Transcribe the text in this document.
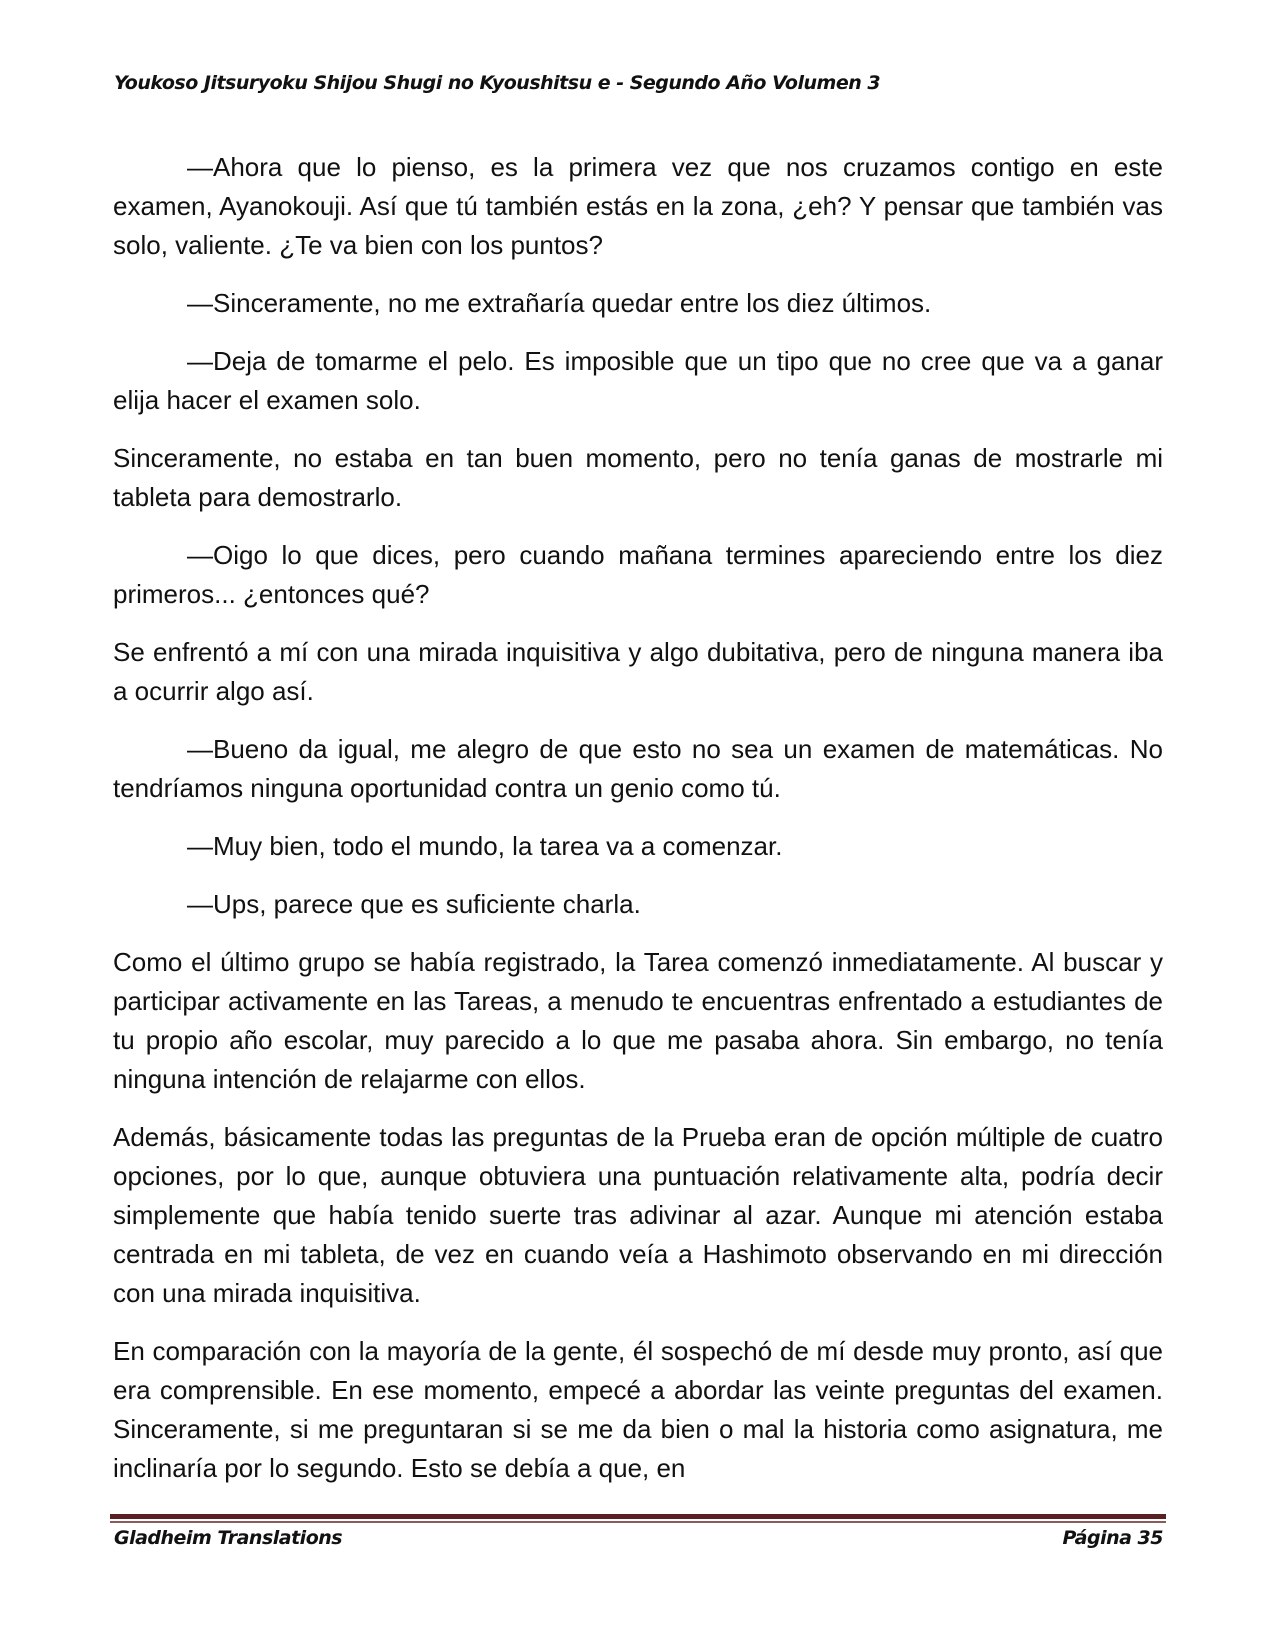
Youkoso Jitsuryoku Shijou Shugi no Kyoushitsu e - Segundo Año Volumen 3

—Ahora que lo pienso, es la primera vez que nos cruzamos contigo en este examen, Ayanokouji. Así que tú también estás en la zona, ¿eh? Y pensar que también vas solo, valiente. ¿Te va bien con los puntos?

—Sinceramente, no me extrañaría quedar entre los diez últimos.

—Deja de tomarme el pelo. Es imposible que un tipo que no cree que va a ganar elija hacer el examen solo.

Sinceramente, no estaba en tan buen momento, pero no tenía ganas de mostrarle mi tableta para demostrarlo.

—Oigo lo que dices, pero cuando mañana termines apareciendo entre los diez primeros... ¿entonces qué?

Se enfrentó a mí con una mirada inquisitiva y algo dubitativa, pero de ninguna manera iba a ocurrir algo así.

—Bueno da igual, me alegro de que esto no sea un examen de matemáticas. No tendríamos ninguna oportunidad contra un genio como tú.

—Muy bien, todo el mundo, la tarea va a comenzar.

—Ups, parece que es suficiente charla.

Como el último grupo se había registrado, la Tarea comenzó inmediatamente. Al buscar y participar activamente en las Tareas, a menudo te encuentras enfrentado a estudiantes de tu propio año escolar, muy parecido a lo que me pasaba ahora. Sin embargo, no tenía ninguna intención de relajarme con ellos.

Además, básicamente todas las preguntas de la Prueba eran de opción múltiple de cuatro opciones, por lo que, aunque obtuviera una puntuación relativamente alta, podría decir simplemente que había tenido suerte tras adivinar al azar. Aunque mi atención estaba centrada en mi tableta, de vez en cuando veía a Hashimoto observando en mi dirección con una mirada inquisitiva.

En comparación con la mayoría de la gente, él sospechó de mí desde muy pronto, así que era comprensible. En ese momento, empecé a abordar las veinte preguntas del examen. Sinceramente, si me preguntaran si se me da bien o mal la historia como asignatura, me inclinaría por lo segundo. Esto se debía a que, en

Gladheim Translations	Página 35
